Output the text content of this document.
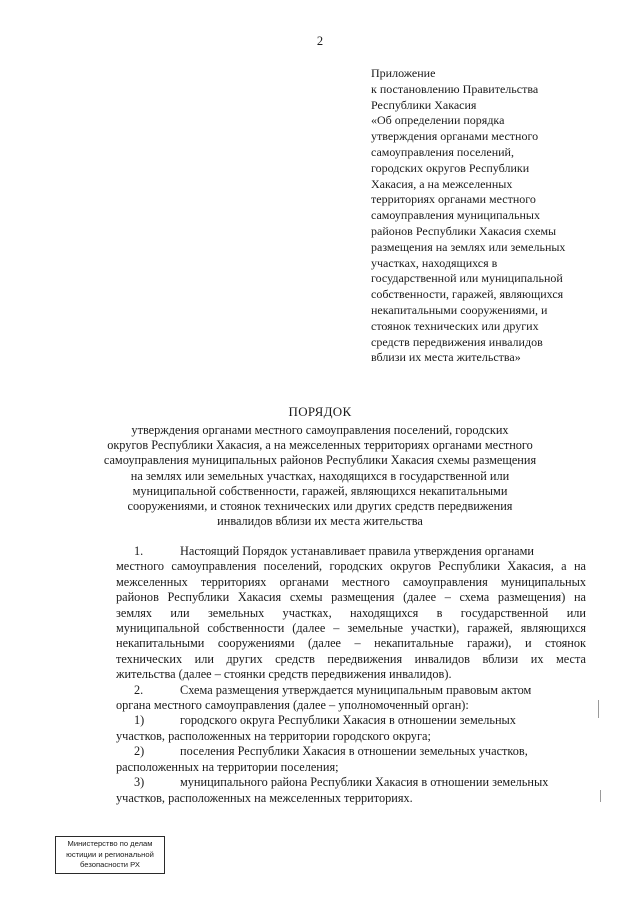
2
Приложение
к постановлению Правительства
Республики Хакасия
«Об определении порядка
утверждения органами местного
самоуправления поселений,
городских округов Республики
Хакасия, а на межселенных
территориях органами местного
самоуправления муниципальных
районов Республики Хакасия схемы
размещения на землях или земельных
участках, находящихся в
государственной или муниципальной
собственности, гаражей, являющихся
некапитальными сооружениями, и
стоянок технических или других
средств передвижения инвалидов
вблизи их места жительства»
ПОРЯДОК
утверждения органами местного самоуправления поселений, городских
округов Республики Хакасия, а на межселенных территориях органами местного
самоуправления муниципальных районов Республики Хакасия схемы размещения
на землях или земельных участках, находящихся в государственной или
муниципальной собственности, гаражей, являющихся некапитальными
сооружениями, и стоянок технических или других средств передвижения
инвалидов вблизи их места жительства
1.	Настоящий Порядок устанавливает правила утверждения органами
местного самоуправления поселений, городских округов Республики Хакасия, а на
межселенных территориях органами местного самоуправления муниципальных
районов Республики Хакасия схемы размещения (далее – схема размещения) на
землях или земельных участках, находящихся в государственной или
муниципальной собственности (далее – земельные участки), гаражей, являющихся
некапитальными сооружениями (далее – некапитальные гаражи), и стоянок
технических или других средств передвижения инвалидов вблизи их места
жительства (далее – стоянки средств передвижения инвалидов).
2.	Схема размещения утверждается муниципальным правовым актом
органа местного самоуправления (далее – уполномоченный орган):
1)	городского округа Республики Хакасия в отношении земельных
участков, расположенных на территории городского округа;
2)	поселения Республики Хакасия в отношении земельных участков,
расположенных на территории поселения;
3)	муниципального района Республики Хакасия в отношении земельных
участков, расположенных на межселенных территориях.
Министерство по делам
юстиции и региональной
безопасности РХ
